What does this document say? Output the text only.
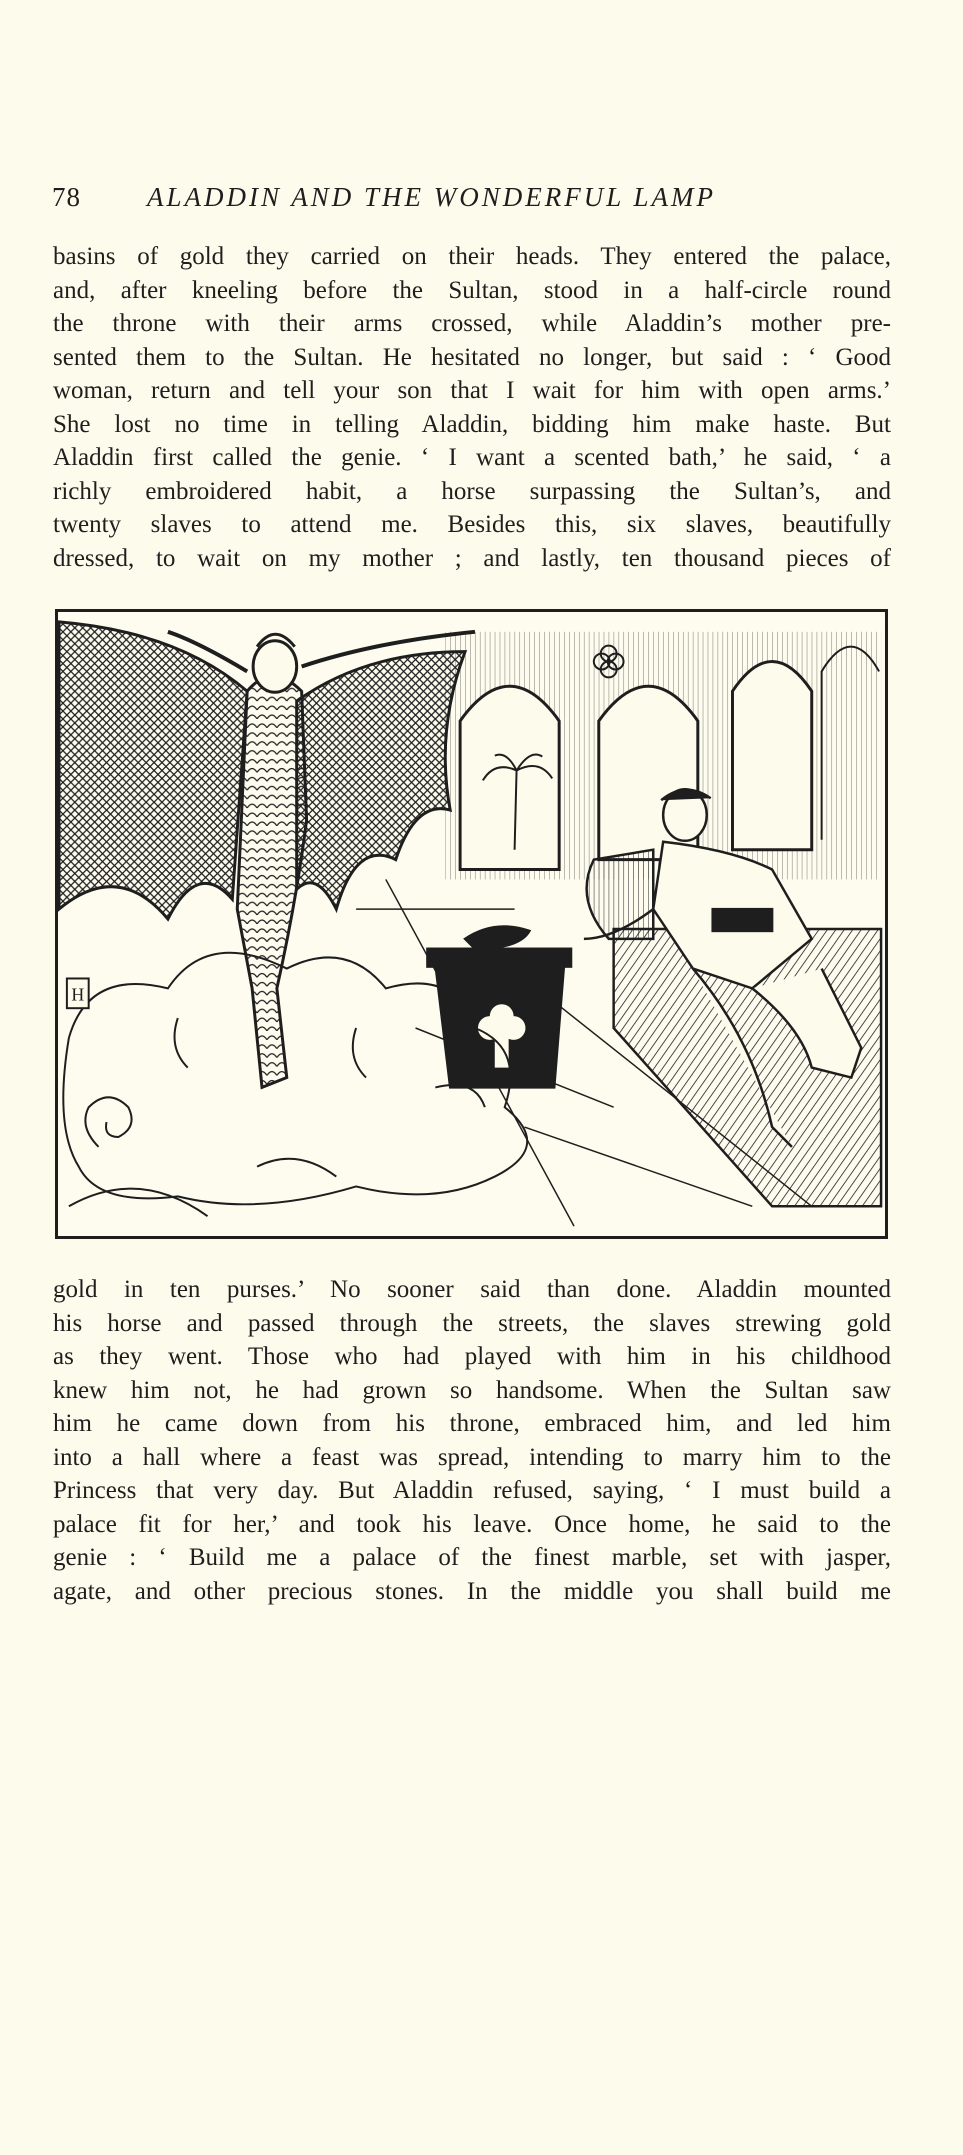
78 ALADDIN AND THE WONDERFUL LAMP
basins of gold they carried on their heads. They entered the palace,
and, after kneeling before the Sultan, stood in a half-circle round
the throne with their arms crossed, while Aladdin’s mother pre-
sented them to the Sultan. He hesitated no longer, but said : ‘ Good
woman, return and tell your son that I wait for him with open arms.’
She lost no time in telling Aladdin, bidding him make haste. But
Aladdin first called the genie. ‘ I want a scented bath,’ he said, ‘ a
richly embroidered habit, a horse surpassing the Sultan’s, and
twenty slaves to attend me. Besides this, six slaves, beautifully
dressed, to wait on my mother ; and lastly, ten thousand pieces of
H
gold in ten purses.’ No sooner said than done. Aladdin mounted
his horse and passed through the streets, the slaves strewing gold
as they went. Those who had played with him in his childhood
knew him not, he had grown so handsome. When the Sultan saw
him he came down from his throne, embraced him, and led him
into a hall where a feast was spread, intending to marry him to the
Princess that very day. But Aladdin refused, saying, ‘ I must build a
palace fit for her,’ and took his leave. Once home, he said to the
genie : ‘ Build me a palace of the finest marble, set with jasper,
agate, and other precious stones. In the middle you shall build me
